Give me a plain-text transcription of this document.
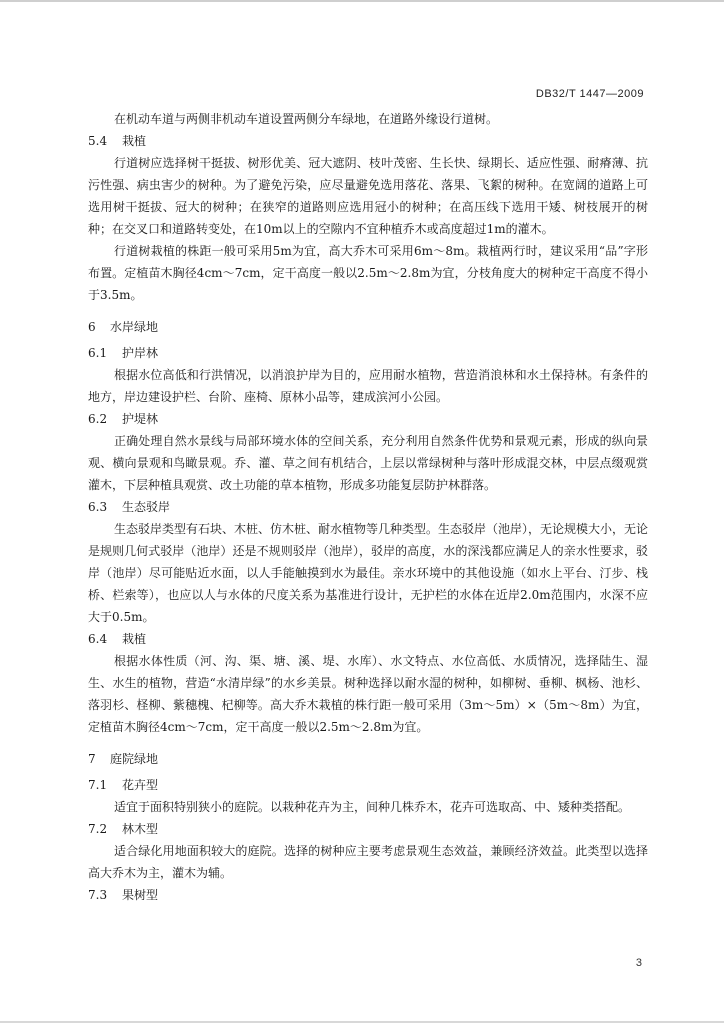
DB32/T 1447—2009
在机动车道与两侧非机动车道设置两侧分车绿地，在道路外缘设行道树。
5.4 栽植
行道树应选择树干挺拔、树形优美、冠大遮阴、枝叶茂密、生长快、绿期长、适应性强、耐瘠薄、抗污性强、病虫害少的树种。为了避免污染，应尽量避免选用落花、落果、飞絮的树种。在宽阔的道路上可选用树干挺拔、冠大的树种；在狭窄的道路则应选用冠小的树种；在高压线下选用干矮、树枝展开的树种；在交叉口和道路转变处，在10m以上的空隙内不宜种植乔木或高度超过1m的灌木。
行道树栽植的株距一般可采用5m为宜，高大乔木可采用6m～8m。栽植两行时，建议采用“品”字形布置。定植苗木胸径4cm～7cm，定干高度一般以2.5m～2.8m为宜，分枝角度大的树种定干高度不得小于3.5m。
6 水岸绿地
6.1 护岸林
根据水位高低和行洪情况，以消浪护岸为目的，应用耐水植物，营造消浪林和水土保持林。有条件的地方，岸边建设护栏、台阶、座椅、原林小品等，建成滨河小公园。
6.2 护堤林
正确处理自然水景线与局部环境水体的空间关系，充分利用自然条件优势和景观元素，形成的纵向景观、横向景观和鸟瞰景观。乔、灌、草之间有机结合，上层以常绿树种与落叶形成混交林，中层点缀观赏灌木，下层种植具观赏、改土功能的草本植物，形成多功能复层防护林群落。
6.3 生态驳岸
生态驳岸类型有石块、木桩、仿木桩、耐水植物等几种类型。生态驳岸（池岸），无论规模大小，无论是规则几何式驳岸（池岸）还是不规则驳岸（池岸），驳岸的高度，水的深浅都应满足人的亲水性要求，驳岸（池岸）尽可能贴近水面，以人手能触摸到水为最佳。亲水环境中的其他设施（如水上平台、汀步、栈桥、栏索等），也应以人与水体的尺度关系为基准进行设计，无护栏的水体在近岸2.0m范围内，水深不应大于0.5m。
6.4 栽植
根据水体性质（河、沟、渠、塘、溪、堤、水库）、水文特点、水位高低、水质情况，选择陆生、湿生、水生的植物，营造“水清岸绿”的水乡美景。树种选择以耐水湿的树种，如柳树、垂柳、枫杨、池杉、落羽杉、柽柳、紫穗槐、杞柳等。高大乔木栽植的株行距一般可采用（3m～5m）×（5m～8m）为宜，定植苗木胸径4cm～7cm，定干高度一般以2.5m～2.8m为宜。
7 庭院绿地
7.1 花卉型
适宜于面积特别狭小的庭院。以栽种花卉为主，间种几株乔木，花卉可选取高、中、矮种类搭配。
7.2 林木型
适合绿化用地面积较大的庭院。选择的树种应主要考虑景观生态效益，兼顾经济效益。此类型以选择高大乔木为主，灌木为辅。
7.3 果树型
3
